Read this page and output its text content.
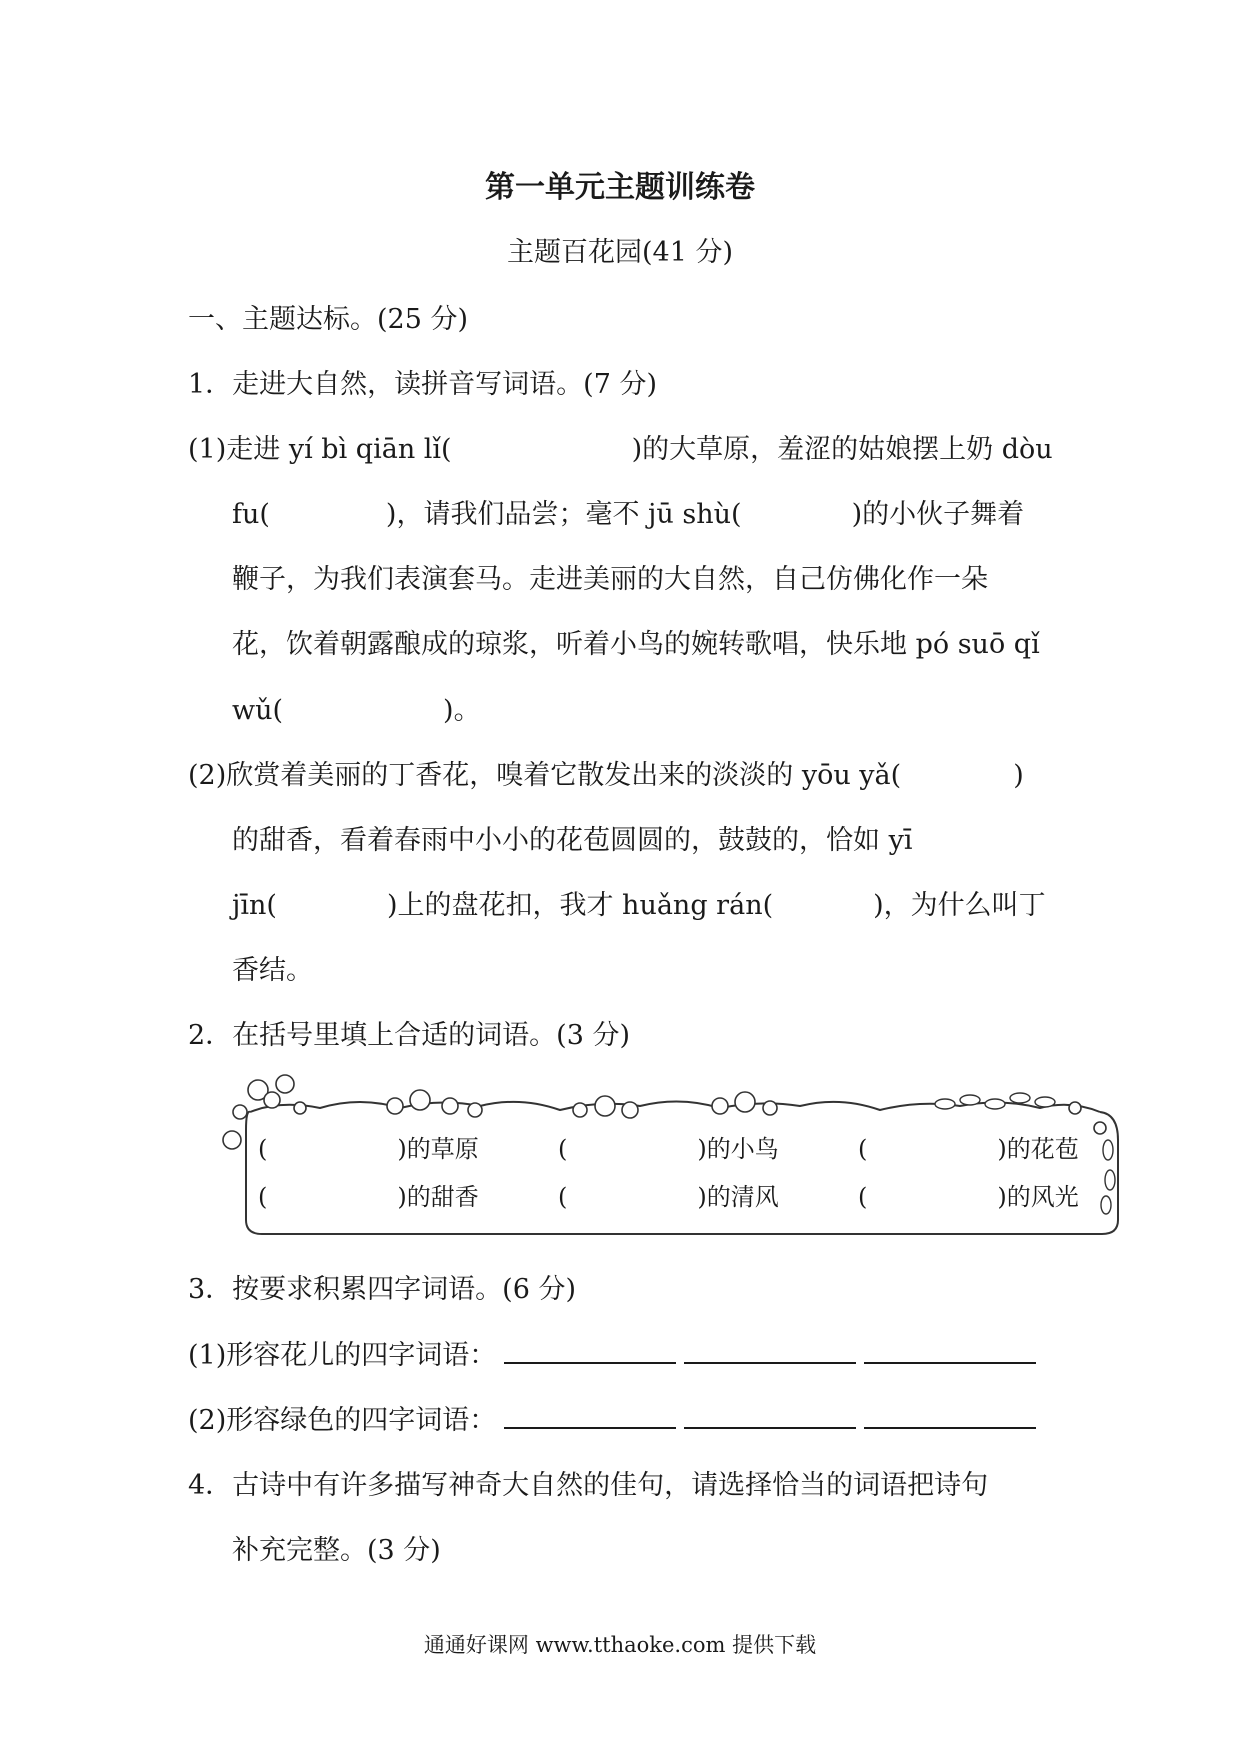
第一单元主题训练卷
主题百花园(41 分)
一、主题达标。(25 分)
1．走进大自然，读拼音写词语。(7 分)
(1)走进 yí bì qiān lǐ(	)的大草原，羞涩的姑娘摆上奶 dòu
fu(	)，请我们品尝；毫不 jū shù(	)的小伙子舞着
鞭子，为我们表演套马。走进美丽的大自然，自己仿佛化作一朵
花，饮着朝露酿成的琼浆，听着小鸟的婉转歌唱，快乐地 pó suō qǐ
wǔ(	)。
(2)欣赏着美丽的丁香花，嗅着它散发出来的淡淡的 yōu yǎ(	)
的甜香，看着春雨中小小的花苞圆圆的，鼓鼓的，恰如 yī
jīn(	)上的盘花扣，我才 huǎng rán(	)，为什么叫丁
香结。
2．在括号里填上合适的词语。(3 分)
(	)的草原	(	)的小鸟	(	)的花苞
(	)的甜香	(	)的清风	(	)的风光
3．按要求积累四字词语。(6 分)
(1)形容花儿的四字词语：
(2)形容绿色的四字词语：
4．古诗中有许多描写神奇大自然的佳句，请选择恰当的词语把诗句
补充完整。(3 分)
通通好课网 www.tthaoke.com 提供下载
